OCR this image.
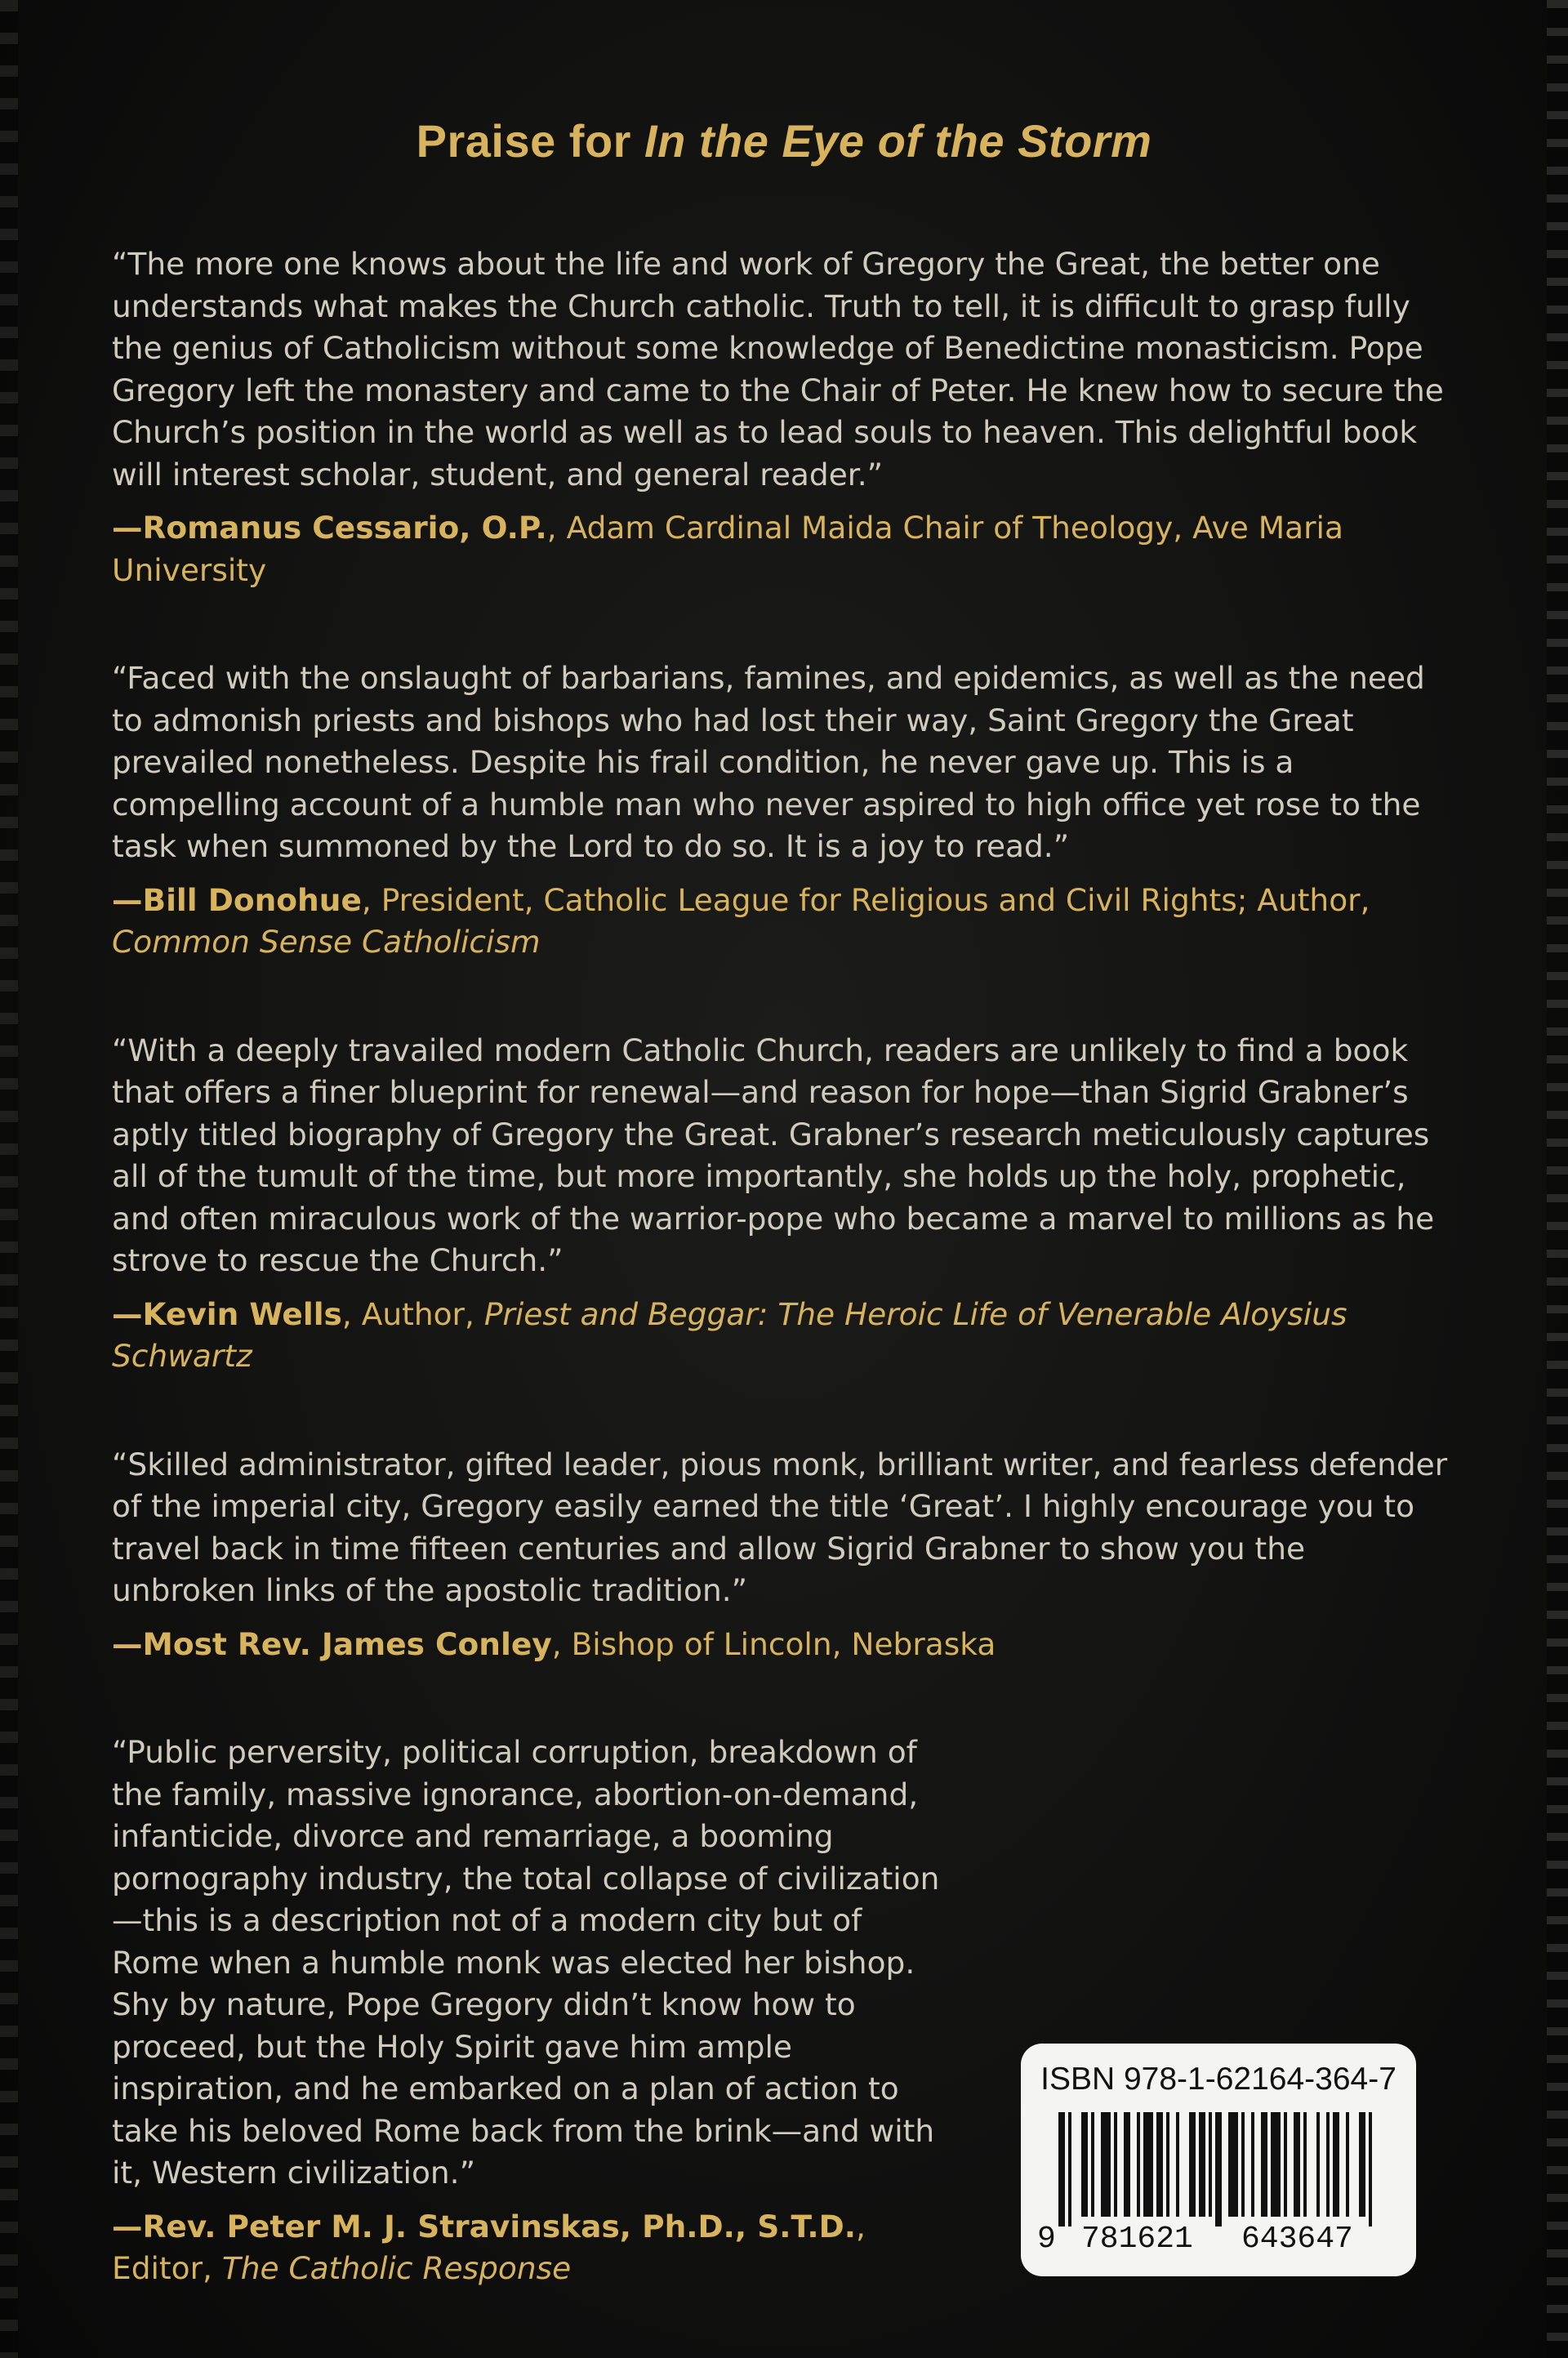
Praise for In the Eye of the Storm

“The more one knows about the life and work of Gregory the Great, the better one understands what makes the Church catholic. Truth to tell, it is difficult to grasp fully the genius of Catholicism without some knowledge of Benedictine monasticism. Pope Gregory left the monastery and came to the Chair of Peter. He knew how to secure the Church’s position in the world as well as to lead souls to heaven. This delightful book will interest scholar, student, and general reader.”

—Romanus Cessario, O.P., Adam Cardinal Maida Chair of Theology, Ave Maria University

“Faced with the onslaught of barbarians, famines, and epidemics, as well as the need to admonish priests and bishops who had lost their way, Saint Gregory the Great prevailed nonetheless. Despite his frail condition, he never gave up. This is a compelling account of a humble man who never aspired to high office yet rose to the task when summoned by the Lord to do so. It is a joy to read.”

—Bill Donohue, President, Catholic League for Religious and Civil Rights; Author, Common Sense Catholicism

“With a deeply travailed modern Catholic Church, readers are unlikely to find a book that offers a finer blueprint for renewal—and reason for hope—than Sigrid Grabner’s aptly titled biography of Gregory the Great. Grabner’s research meticulously captures all of the tumult of the time, but more importantly, she holds up the holy, prophetic, and often miraculous work of the warrior-pope who became a marvel to millions as he strove to rescue the Church.”

—Kevin Wells, Author, Priest and Beggar: The Heroic Life of Venerable Aloysius Schwartz

“Skilled administrator, gifted leader, pious monk, brilliant writer, and fearless defender of the imperial city, Gregory easily earned the title ‘Great’. I highly encourage you to travel back in time fifteen centuries and allow Sigrid Grabner to show you the unbroken links of the apostolic tradition.”

—Most Rev. James Conley, Bishop of Lincoln, Nebraska

“Public perversity, political corruption, breakdown of the family, massive ignorance, abortion-on-demand, infanticide, divorce and remarriage, a booming pornography industry, the total collapse of civilization—this is a description not of a modern city but of Rome when a humble monk was elected her bishop. Shy by nature, Pope Gregory didn’t know how to proceed, but the Holy Spirit gave him ample inspiration, and he embarked on a plan of action to take his beloved Rome back from the brink—and with it, Western civilization.”

—Rev. Peter M. J. Stravinskas, Ph.D., S.T.D., Editor, The Catholic Response

ISBN 978-1-62164-364-7
9 781621 643647
